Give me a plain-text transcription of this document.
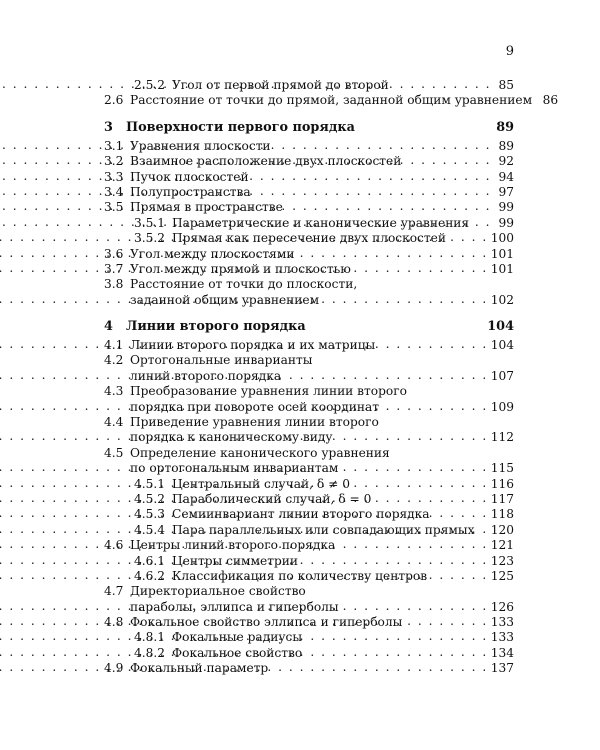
9
2.5.2 Угол от первой прямой до второй . . .	85
2.6 Расстояние от точки до прямой, заданной общим уравнением 86
3	Поверхности первого порядка	89
3.1 Уравнения плоскости . . .	89
3.2 Взаимное расположение двух плоскостей . . .	92
3.3 Пучок плоскостей . . .	94
3.4 Полупространства . . .	97
3.5 Прямая в пространстве . . .	99
3.5.1 Параметрические и канонические уравнения . . .	99
3.5.2 Прямая как пересечение двух плоскостей . . .	100
3.6 Угол между плоскостями . . .	101
3.7 Угол между прямой и плоскостью . . .	101
3.8 Расстояние от точки до плоскости,
заданной общим уравнением . . .	102
4	Линии второго порядка	104
4.1 Линии второго порядка и их матрицы . . .	104
4.2 Ортогональные инварианты
линий второго порядка . . .	107
4.3 Преобразование уравнения линии второго
порядка при повороте осей координат . . .	109
4.4 Приведение уравнения линии второго
порядка к каноническому виду . . .	112
4.5 Определение канонического уравнения
по ортогональным инвариантам . . .	115
4.5.1 Центральный случай, δ ≠ 0 . . .	116
4.5.2 Параболический случай, δ = 0 . . .	117
4.5.3 Семиинвариант линии второго порядка . . .	118
4.5.4 Пара параллельных или совпадающих прямых . . . 120
4.6 Центры линий второго порядка . . .	121
4.6.1 Центры симметрии . . .	123
4.6.2 Классификация по количеству центров . . .	125
4.7 Директориальное свойство
параболы, эллипса и гиперболы . . .	126
4.8 Фокальное свойство эллипса и гиперболы . . .	133
4.8.1 Фокальные радиусы . . .	133
4.8.2 Фокальное свойство . . .	134
4.9 Фокальный параметр . . .	137
